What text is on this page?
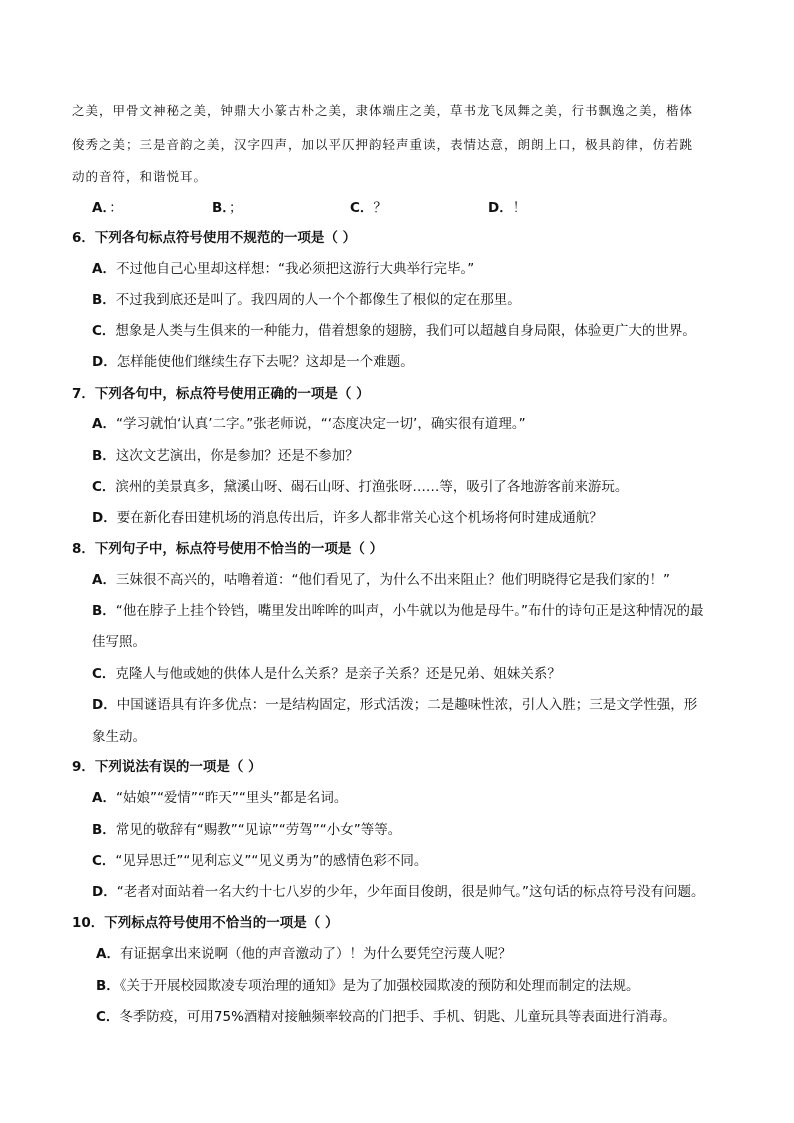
之美，甲骨文神秘之美，钟鼎大小篆古朴之美，隶体端庄之美，草书龙飞凤舞之美，行书飘逸之美，楷体
俊秀之美；三是音韵之美，汉字四声，加以平仄押韵轻声重读，表情达意，朗朗上口，极具韵律，仿若跳
动的音符，和谐悦耳。
A．：	B．；	C．？	D．！
6．下列各句标点符号使用不规范的一项是（ ）
A．不过他自己心里却这样想：“我必须把这游行大典举行完毕。”
B．不过我到底还是叫了。我四周的人一个个都像生了根似的定在那里。
C．想象是人类与生俱来的一种能力，借着想象的翅膀，我们可以超越自身局限，体验更广大的世界。
D．怎样能使他们继续生存下去呢？这却是一个难题。
7．下列各句中，标点符号使用正确的一项是（ ）
A．“学习就怕‘认真’二字。”张老师说，“‘态度决定一切’，确实很有道理。”
B．这次文艺演出，你是参加？还是不参加？
C．滨州的美景真多，黛溪山呀、碣石山呀、打渔张呀……等，吸引了各地游客前来游玩。
D．要在新化春田建机场的消息传出后，许多人都非常关心这个机场将何时建成通航？
8．下列句子中，标点符号使用不恰当的一项是（ ）
A．三妹很不高兴的，咕噜着道：“他们看见了，为什么不出来阻止？他们明晓得它是我们家的！”
B．“他在脖子上挂个铃铛，嘴里发出哞哞的叫声，小牛就以为他是母牛。”布什的诗句正是这种情况的最
佳写照。
C．克隆人与他或她的供体人是什么关系？是亲子关系？还是兄弟、姐妹关系？
D．中国谜语具有许多优点：一是结构固定，形式活泼；二是趣味性浓，引人入胜；三是文学性强，形
象生动。
9．下列说法有误的一项是（ ）
A．“姑娘”“爱情”“昨天”“里头”都是名词。
B．常见的敬辞有“赐教”“见谅”“劳驾”“小女”等等。
C．“见异思迁”“见利忘义”“见义勇为”的感情色彩不同。
D．“老者对面站着一名大约十七八岁的少年，少年面目俊朗，很是帅气。”这句话的标点符号没有问题。
10．下列标点符号使用不恰当的一项是（ ）
A．有证据拿出来说啊（他的声音激动了）！为什么要凭空污蔑人呢？
B．《关于开展校园欺凌专项治理的通知》是为了加强校园欺凌的预防和处理而制定的法规。
C．冬季防疫，可用75%酒精对接触频率较高的门把手、手机、钥匙、儿童玩具等表面进行消毒。
